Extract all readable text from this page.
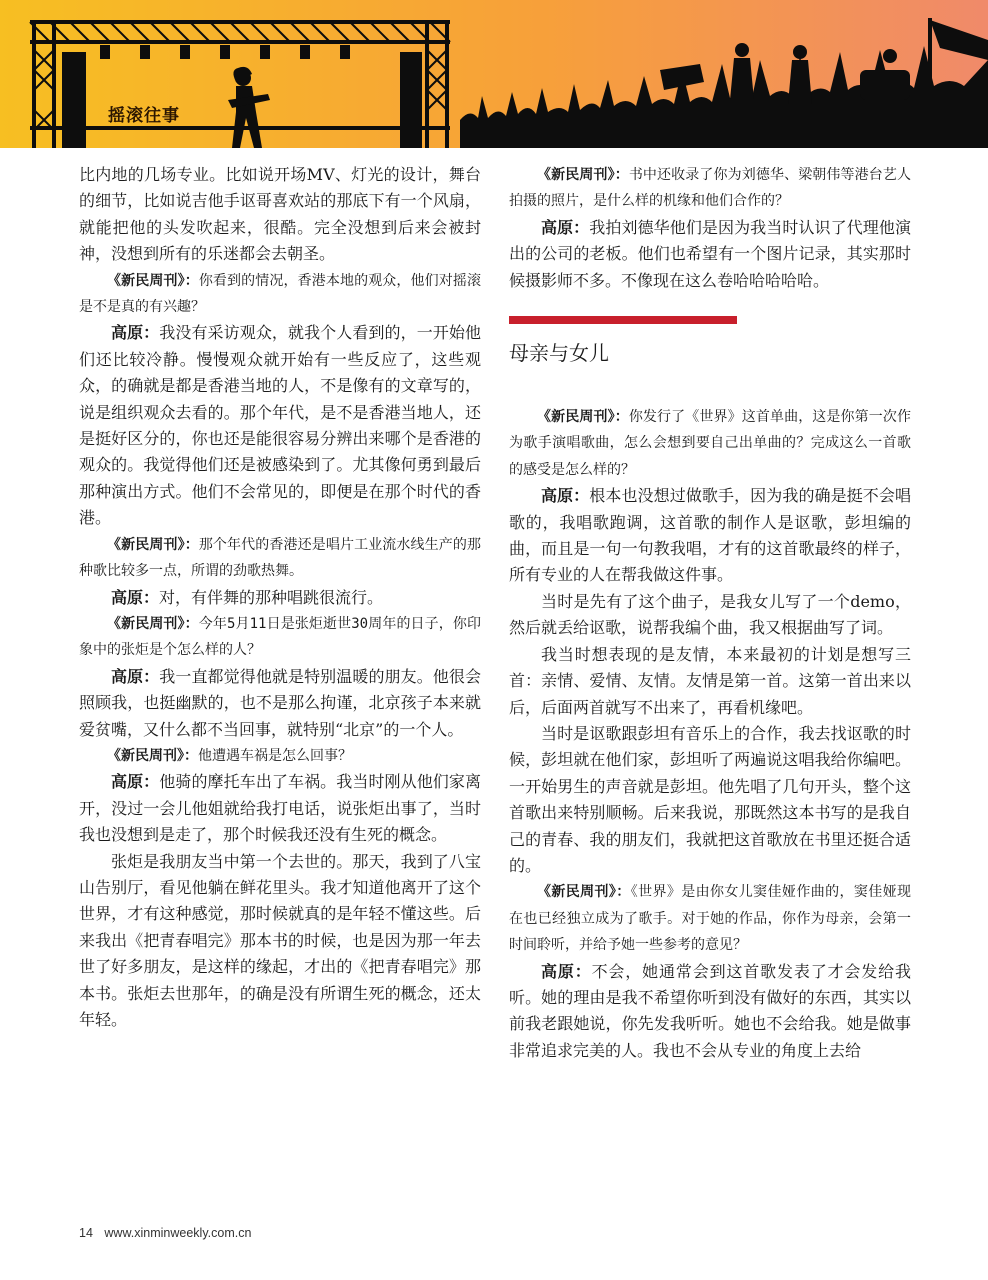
摇滚往事

比内地的几场专业。比如说开场MV、灯光的设计，舞台的细节，比如说吉他手讴哥喜欢站的那底下有一个风扇，就能把他的头发吹起来，很酷。完全没想到后来会被封神，没想到所有的乐迷都会去朝圣。

《新民周刊》：你看到的情况，香港本地的观众，他们对摇滚是不是真的有兴趣？

高原：我没有采访观众，就我个人看到的，一开始他们还比较冷静。慢慢观众就开始有一些反应了，这些观众，的确就是都是香港当地的人，不是像有的文章写的，说是组织观众去看的。那个年代，是不是香港当地人，还是挺好区分的，你也还是能很容易分辨出来哪个是香港的观众的。我觉得他们还是被感染到了。尤其像何勇到最后那种演出方式。他们不会常见的，即便是在那个时代的香港。

《新民周刊》：那个年代的香港还是唱片工业流水线生产的那种歌比较多一点，所谓的劲歌热舞。

高原：对，有伴舞的那种唱跳很流行。

《新民周刊》：今年5月11日是张炬逝世30周年的日子，你印象中的张炬是个怎么样的人？

高原：我一直都觉得他就是特别温暖的朋友。他很会照顾我，也挺幽默的，也不是那么拘谨，北京孩子本来就爱贫嘴，又什么都不当回事，就特别“北京”的一个人。

《新民周刊》：他遭遇车祸是怎么回事？

高原：他骑的摩托车出了车祸。我当时刚从他们家离开，没过一会儿他姐就给我打电话，说张炬出事了，当时我也没想到是走了，那个时候我还没有生死的概念。

张炬是我朋友当中第一个去世的。那天，我到了八宝山告别厅，看见他躺在鲜花里头。我才知道他离开了这个世界，才有这种感觉，那时候就真的是年轻不懂这些。后来我出《把青春唱完》那本书的时候，也是因为那一年去世了好多朋友，是这样的缘起，才出的《把青春唱完》那本书。张炬去世那年，的确是没有所谓生死的概念，还太年轻。

《新民周刊》：书中还收录了你为刘德华、梁朝伟等港台艺人拍摄的照片，是什么样的机缘和他们合作的？

高原：我拍刘德华他们是因为我当时认识了代理他演出的公司的老板。他们也希望有一个图片记录，其实那时候摄影师不多。不像现在这么卷哈哈哈哈哈。

母亲与女儿

《新民周刊》：你发行了《世界》这首单曲，这是你第一次作为歌手演唱歌曲，怎么会想到要自己出单曲的？完成这么一首歌的感受是怎么样的？

高原：根本也没想过做歌手，因为我的确是挺不会唱歌的，我唱歌跑调，这首歌的制作人是讴歌，彭坦编的曲，而且是一句一句教我唱，才有的这首歌最终的样子，所有专业的人在帮我做这件事。

当时是先有了这个曲子，是我女儿写了一个demo，然后就丢给讴歌，说帮我编个曲，我又根据曲写了词。

我当时想表现的是友情，本来最初的计划是想写三首：亲情、爱情、友情。友情是第一首。这第一首出来以后，后面两首就写不出来了，再看机缘吧。

当时是讴歌跟彭坦有音乐上的合作，我去找讴歌的时候，彭坦就在他们家，彭坦听了两遍说这唱我给你编吧。一开始男生的声音就是彭坦。他先唱了几句开头，整个这首歌出来特别顺畅。后来我说，那既然这本书写的是我自己的青春、我的朋友们，我就把这首歌放在书里还挺合适的。

《新民周刊》：《世界》是由你女儿窦佳娅作曲的，窦佳娅现在也已经独立成为了歌手。对于她的作品，你作为母亲，会第一时间聆听，并给予她一些参考的意见？

高原：不会，她通常会到这首歌发表了才会发给我听。她的理由是我不希望你听到没有做好的东西，其实以前我老跟她说，你先发我听听。她也不会给我。她是做事非常追求完美的人。我也不会从专业的角度上去给

14 www.xinminweekly.com.cn
